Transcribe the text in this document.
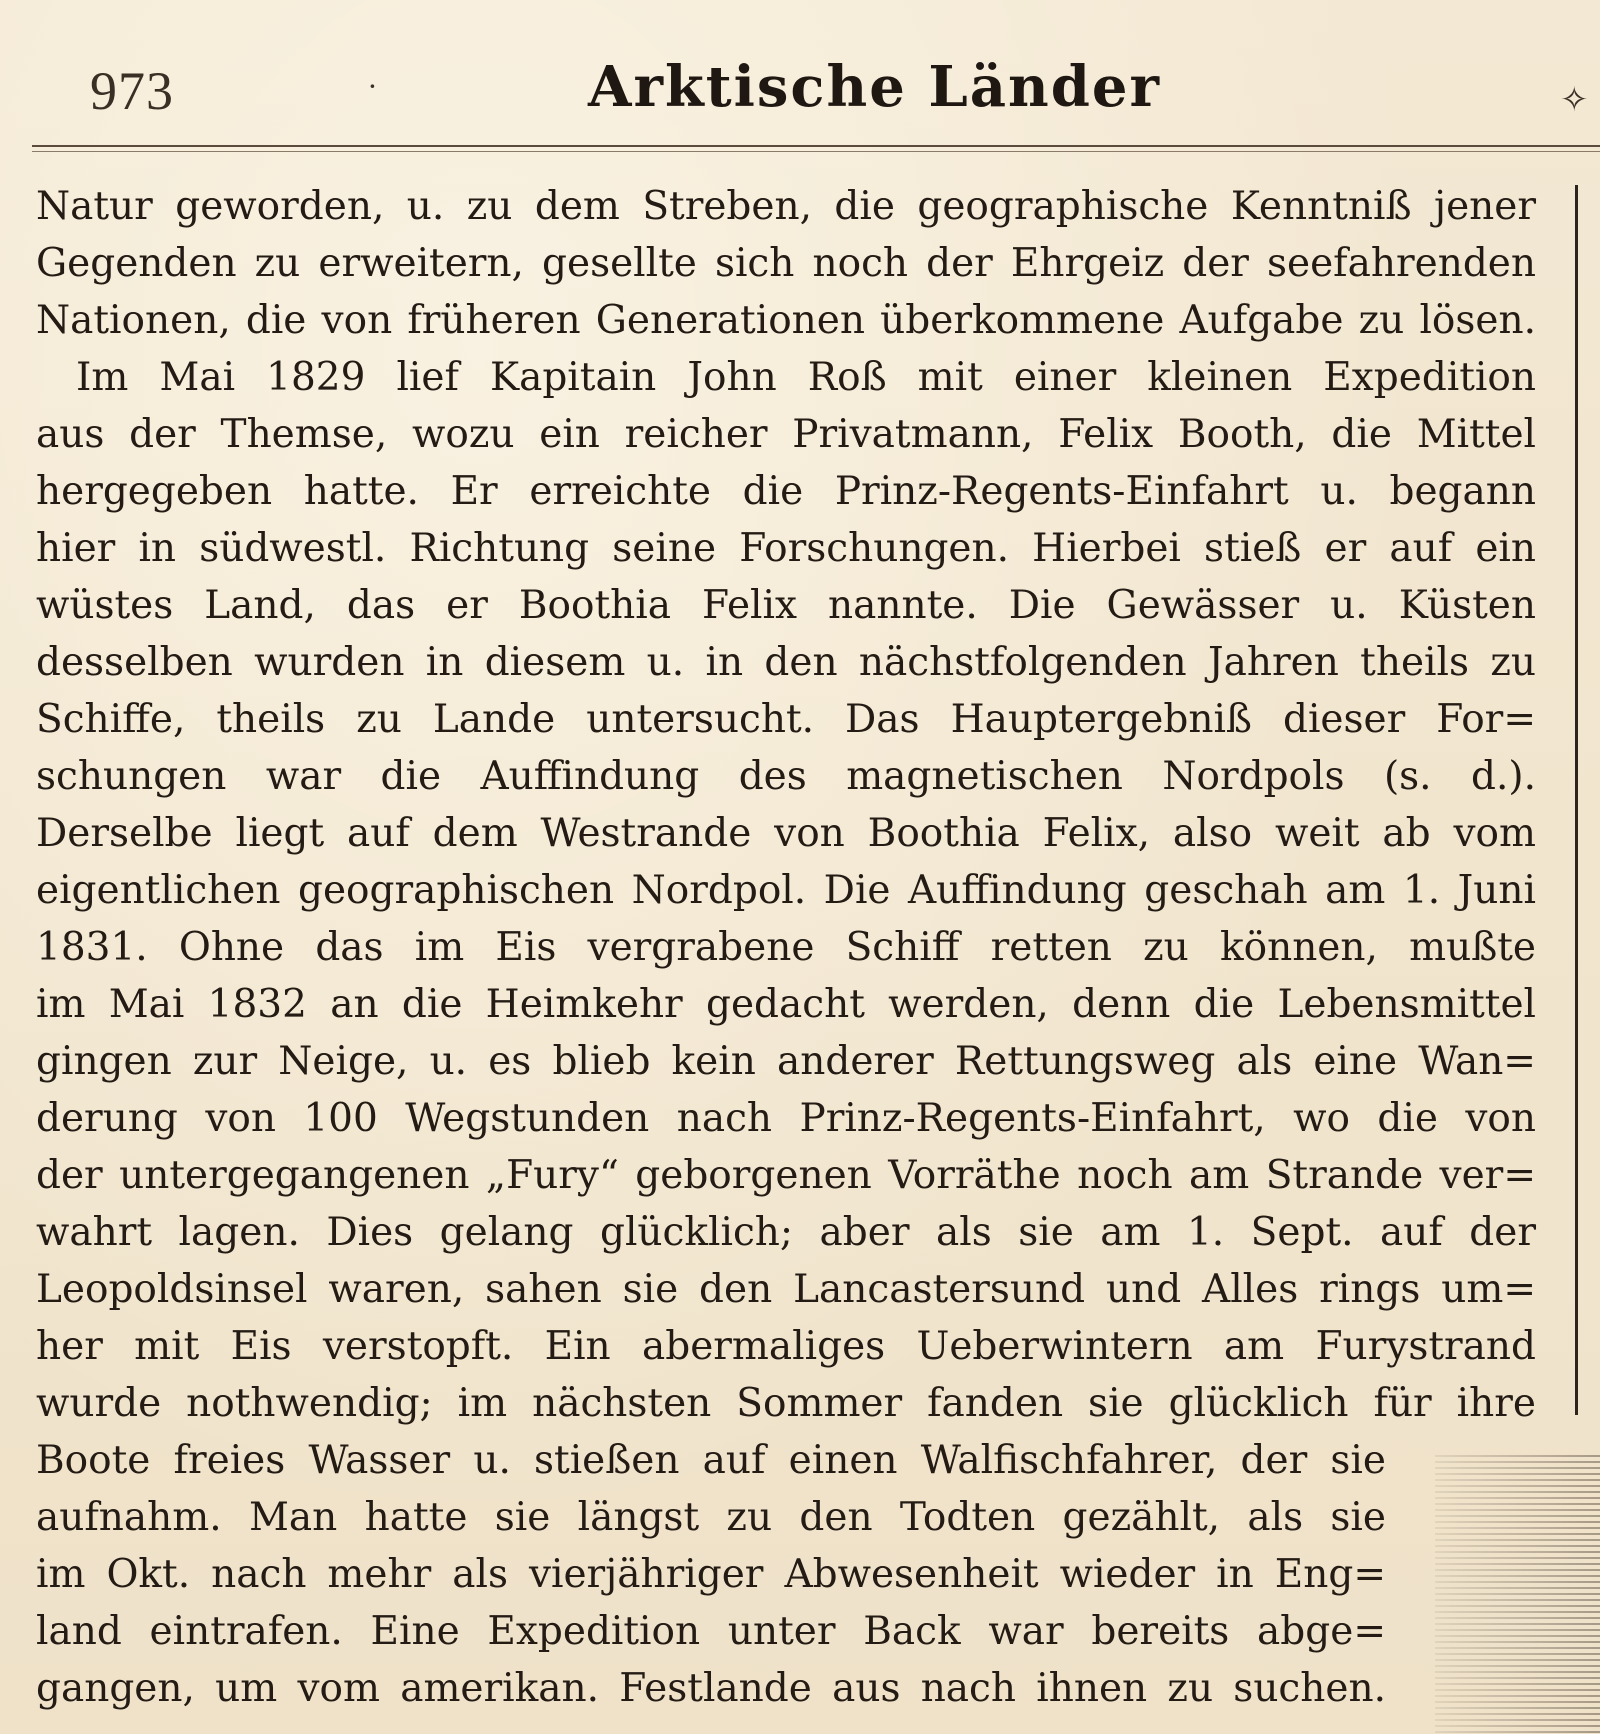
973	·	Arktische Länder	✧
Natur geworden, u. zu dem Streben, die geographische Kenntniß jener
Gegenden zu erweitern, gesellte sich noch der Ehrgeiz der seefahrenden
Nationen, die von früheren Generationen überkommene Aufgabe zu lösen.
Im Mai 1829 lief Kapitain John Roß mit einer kleinen Expedition
aus der Themse, wozu ein reicher Privatmann, Felix Booth, die Mittel
hergegeben hatte. Er erreichte die Prinz-Regents-Einfahrt u. begann
hier in südwestl. Richtung seine Forschungen. Hierbei stieß er auf ein
wüstes Land, das er Boothia Felix nannte. Die Gewässer u. Küsten
desselben wurden in diesem u. in den nächstfolgenden Jahren theils zu
Schiffe, theils zu Lande untersucht. Das Hauptergebniß dieser For=
schungen war die Auffindung des magnetischen Nordpols (s. d.).
Derselbe liegt auf dem Westrande von Boothia Felix, also weit ab vom
eigentlichen geographischen Nordpol. Die Auffindung geschah am 1. Juni
1831. Ohne das im Eis vergrabene Schiff retten zu können, mußte
im Mai 1832 an die Heimkehr gedacht werden, denn die Lebensmittel
gingen zur Neige, u. es blieb kein anderer Rettungsweg als eine Wan=
derung von 100 Wegstunden nach Prinz-Regents-Einfahrt, wo die von
der untergegangenen „Fury“ geborgenen Vorräthe noch am Strande ver=
wahrt lagen. Dies gelang glücklich; aber als sie am 1. Sept. auf der
Leopoldsinsel waren, sahen sie den Lancastersund und Alles rings um=
her mit Eis verstopft. Ein abermaliges Ueberwintern am Furystrand
wurde nothwendig; im nächsten Sommer fanden sie glücklich für ihre
Boote freies Wasser u. stießen auf einen Walfischfahrer, der sie
aufnahm. Man hatte sie längst zu den Todten gezählt, als sie
im Okt. nach mehr als vierjähriger Abwesenheit wieder in Eng=
land eintrafen. Eine Expedition unter Back war bereits abge=
gangen, um vom amerikan. Festlande aus nach ihnen zu suchen.
